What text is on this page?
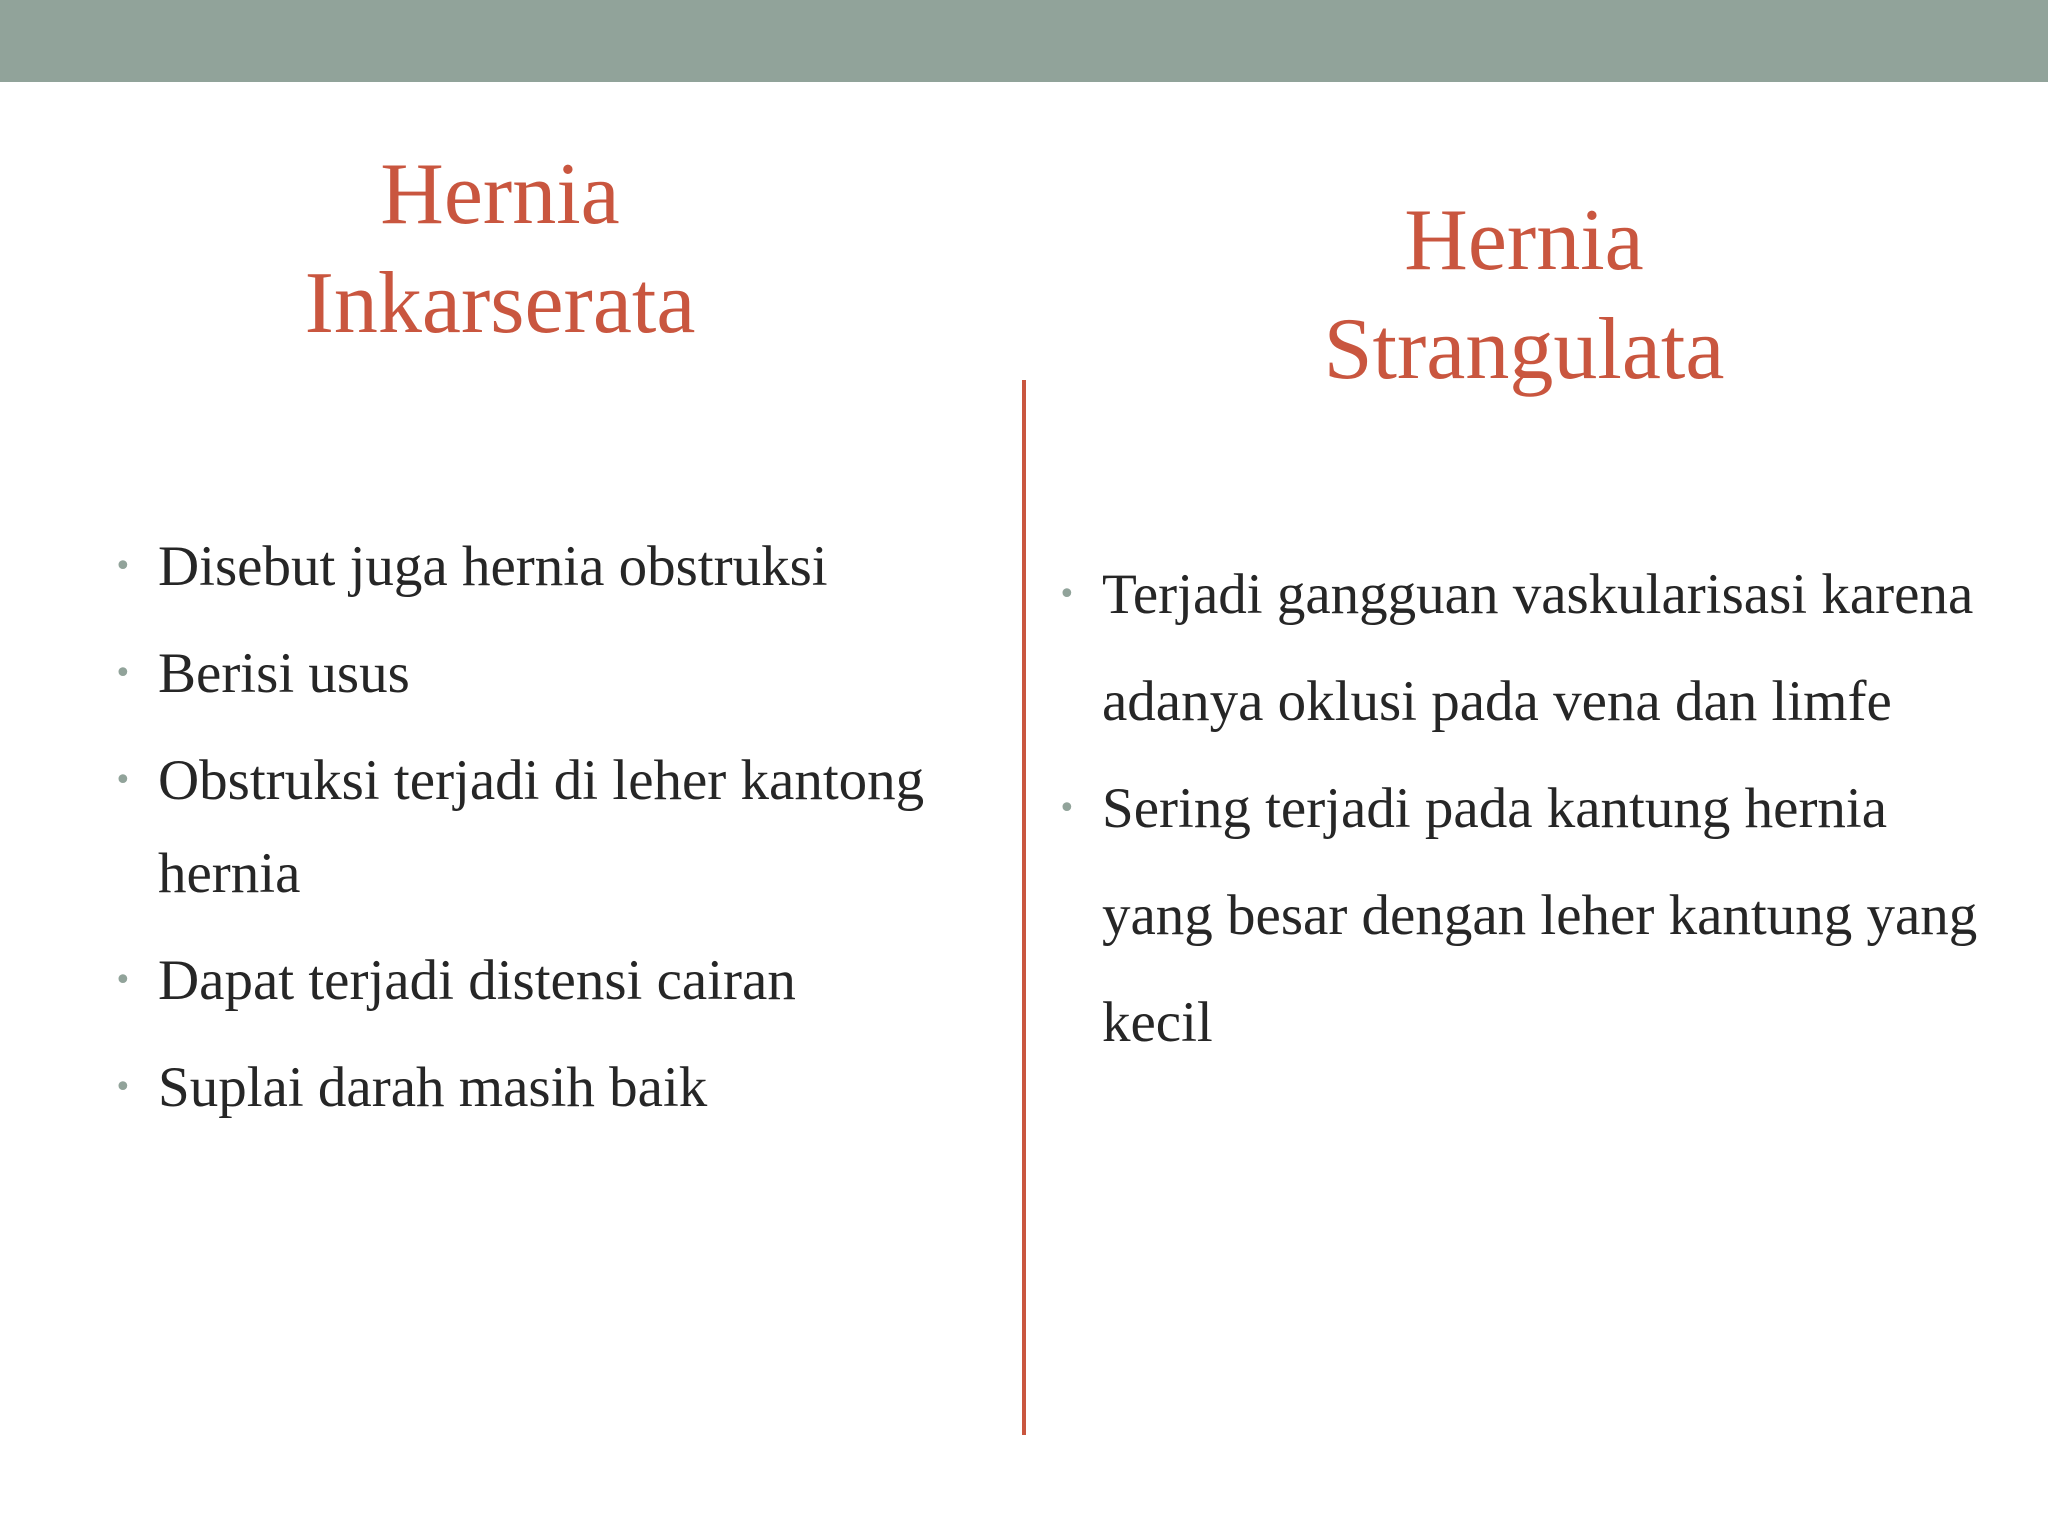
Hernia
Inkarserata
Hernia
Strangulata
• Disebut juga hernia obstruksi
• Berisi usus
• Obstruksi terjadi di leher kantong hernia
• Dapat terjadi distensi cairan
• Suplai darah masih baik
• Terjadi gangguan vaskularisasi karena adanya oklusi pada vena dan limfe
• Sering terjadi pada kantung hernia yang besar dengan leher kantung yang kecil
